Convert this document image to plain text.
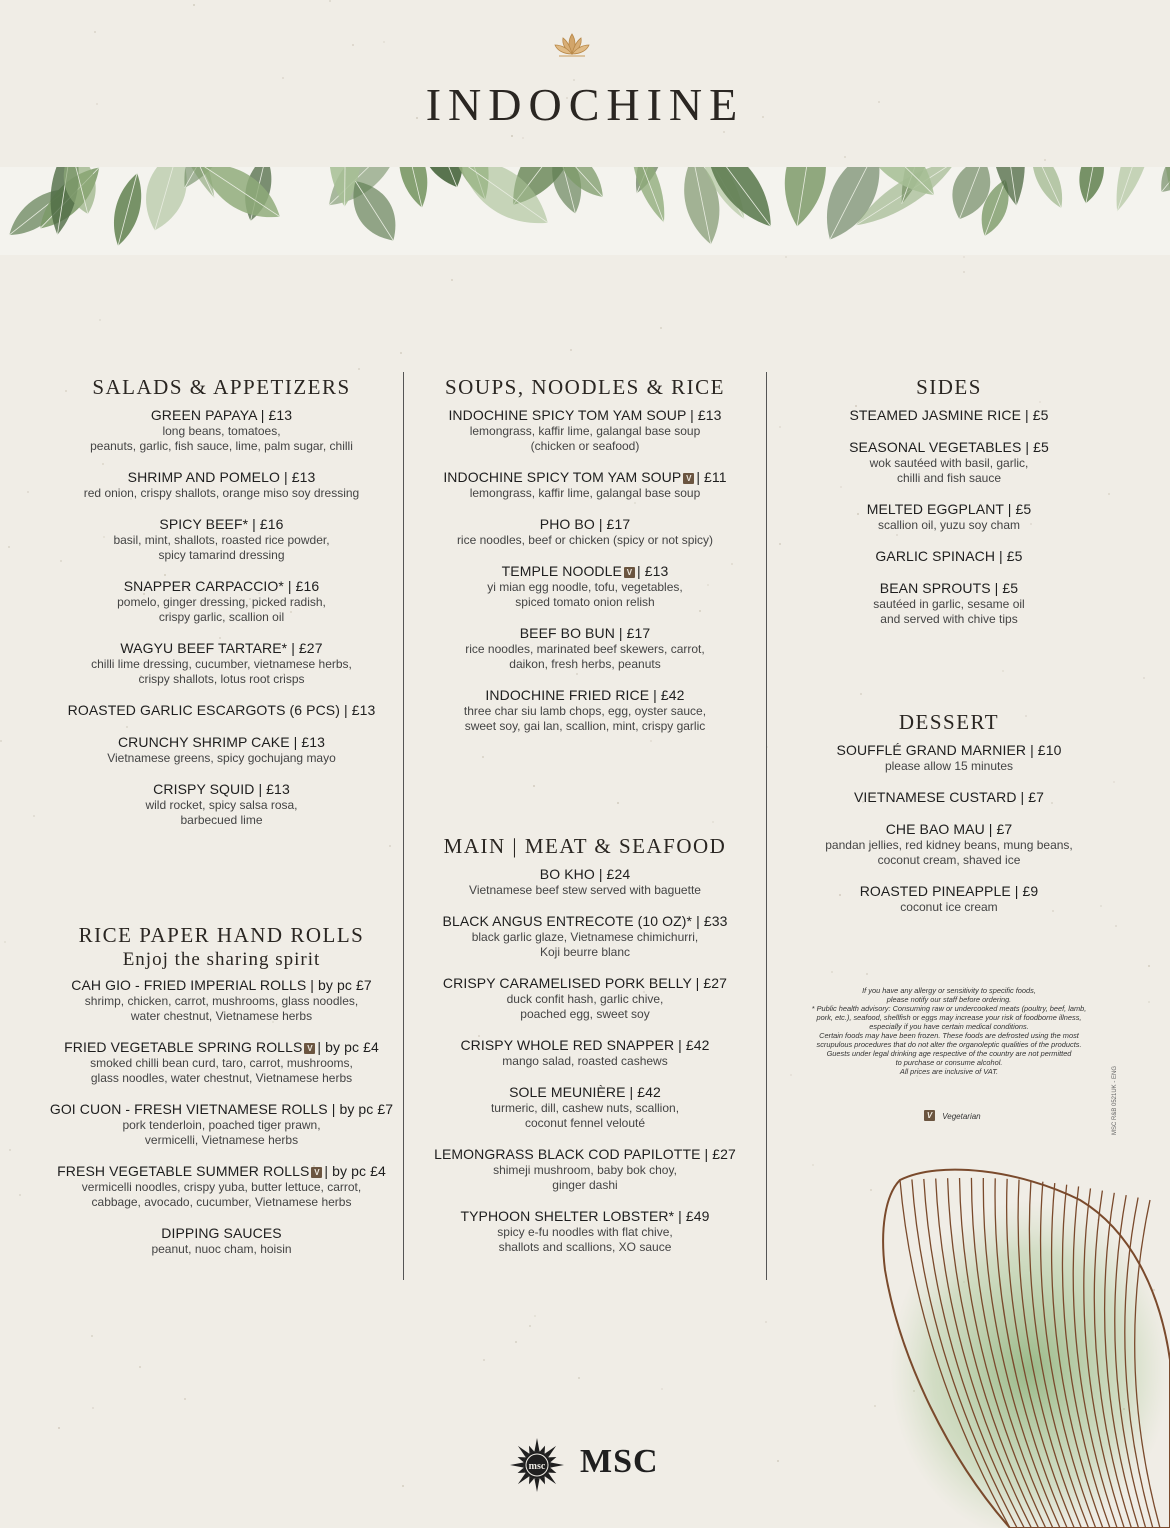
INDOCHINE
SALADS & APPETIZERS
GREEN PAPAYA | £13
long beans, tomatoes,
peanuts, garlic, fish sauce, lime, palm sugar, chilli
SHRIMP AND POMELO | £13
red onion, crispy shallots, orange miso soy dressing
SPICY BEEF* | £16
basil, mint, shallots, roasted rice powder,
spicy tamarind dressing
SNAPPER CARPACCIO* | £16
pomelo, ginger dressing, picked radish,
crispy garlic, scallion oil
WAGYU BEEF TARTARE* | £27
chilli lime dressing, cucumber, vietnamese herbs,
crispy shallots, lotus root crisps
ROASTED GARLIC ESCARGOTS (6 PCS) | £13
CRUNCHY SHRIMP CAKE | £13
Vietnamese greens, spicy gochujang mayo
CRISPY SQUID | £13
wild rocket, spicy salsa rosa,
barbecued lime
RICE PAPER HAND ROLLS
Enjoj the sharing spirit
CAH GIO - FRIED IMPERIAL ROLLS | by pc £7
shrimp, chicken, carrot, mushrooms, glass noodles,
water chestnut, Vietnamese herbs
FRIED VEGETABLE SPRING ROLLS V | by pc £4
smoked chilli bean curd, taro, carrot, mushrooms,
glass noodles, water chestnut, Vietnamese herbs
GOI CUON - FRESH VIETNAMESE ROLLS | by pc £7
pork tenderloin, poached tiger prawn,
vermicelli, Vietnamese herbs
FRESH VEGETABLE SUMMER ROLLS V | by pc £4
vermicelli noodles, crispy yuba, butter lettuce, carrot,
cabbage, avocado, cucumber, Vietnamese herbs
DIPPING SAUCES
peanut, nuoc cham, hoisin
SOUPS, NOODLES & RICE
INDOCHINE SPICY TOM YAM SOUP | £13
lemongrass, kaffir lime, galangal base soup
(chicken or seafood)
INDOCHINE SPICY TOM YAM SOUP V | £11
lemongrass, kaffir lime, galangal base soup
PHO BO | £17
rice noodles, beef or chicken (spicy or not spicy)
TEMPLE NOODLE V | £13
yi mian egg noodle, tofu, vegetables,
spiced tomato onion relish
BEEF BO BUN | £17
rice noodles, marinated beef skewers, carrot,
daikon, fresh herbs, peanuts
INDOCHINE FRIED RICE | £42
three char siu lamb chops, egg, oyster sauce,
sweet soy, gai lan, scallion, mint, crispy garlic
MAIN | MEAT & SEAFOOD
BO KHO | £24
Vietnamese beef stew served with baguette
BLACK ANGUS ENTRECOTE (10 OZ)* | £33
black garlic glaze, Vietnamese chimichurri,
Koji beurre blanc
CRISPY CARAMELISED PORK BELLY | £27
duck confit hash, garlic chive,
poached egg, sweet soy
CRISPY WHOLE RED SNAPPER | £42
mango salad, roasted cashews
SOLE MEUNIÈRE | £42
turmeric, dill, cashew nuts, scallion,
coconut fennel velouté
LEMONGRASS BLACK COD PAPILOTTE | £27
shimeji mushroom, baby bok choy,
ginger dashi
TYPHOON SHELTER LOBSTER* | £49
spicy e-fu noodles with flat chive,
shallots and scallions, XO sauce
SIDES
STEAMED JASMINE RICE | £5
SEASONAL VEGETABLES | £5
wok sautéed with basil, garlic,
chilli and fish sauce
MELTED EGGPLANT | £5
scallion oil, yuzu soy cham
GARLIC SPINACH | £5
BEAN SPROUTS | £5
sautéed in garlic, sesame oil
and served with chive tips
DESSERT
SOUFFLÉ GRAND MARNIER | £10
please allow 15 minutes
VIETNAMESE CUSTARD | £7
CHE BAO MAU | £7
pandan jellies, red kidney beans, mung beans,
coconut cream, shaved ice
ROASTED PINEAPPLE | £9
coconut ice cream
If you have any allergy or sensitivity to specific foods,
please notify our staff before ordering.
* Public health advisory: Consuming raw or undercooked meats (poultry, beef, lamb,
pork, etc.), seafood, shellfish or eggs may increase your risk of foodborne illness,
especially if you have certain medical conditions.
Certain foods may have been frozen. These foods are defrosted using the most
scrupulous procedures that do not alter the organoleptic qualities of the products.
Guests under legal drinking age respective of the country are not permitted
to purchase or consume alcohol.
All prices are inclusive of VAT.
V Vegetarian	MSC R&B 0521UK - ENG
msc MSC
